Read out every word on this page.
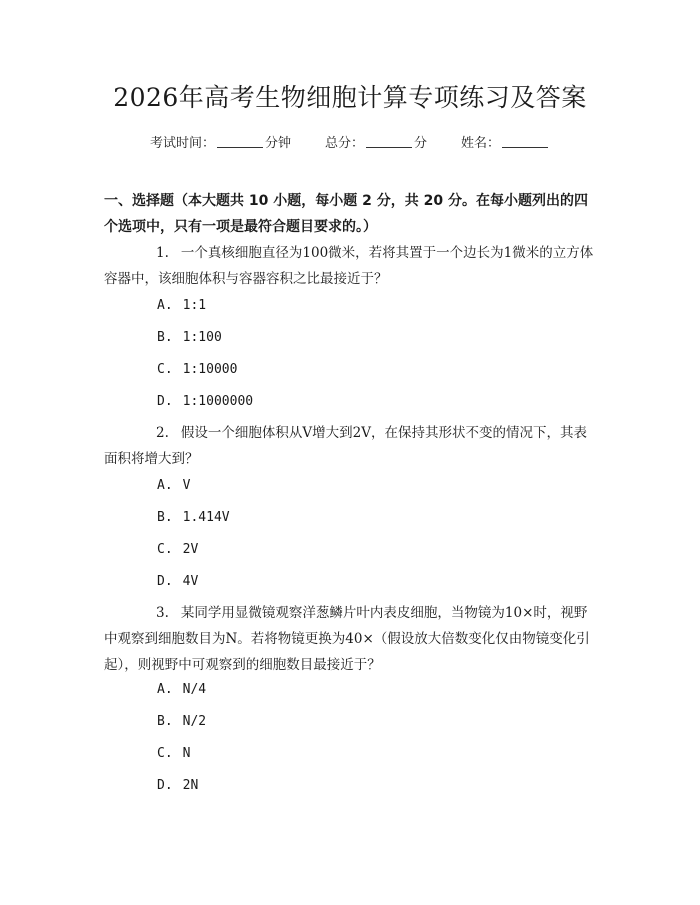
2026年高考生物细胞计算专项练习及答案
考试时间：	分钟	总分：	分	姓名：
一、选择题（本大题共 10 小题，每小题 2 分，共 20 分。在每小题列出的四个选项中，只有一项是最符合题目要求的。）
1. 一个真核细胞直径为100微米，若将其置于一个边长为1微米的立方体容器中，该细胞体积与容器容积之比最接近于？
A. 1:1
B. 1:100
C. 1:10000
D. 1:1000000
2. 假设一个细胞体积从V增大到2V，在保持其形状不变的情况下，其表面积将增大到？
A. V
B. 1.414V
C. 2V
D. 4V
3. 某同学用显微镜观察洋葱鳞片叶内表皮细胞，当物镜为10×时，视野中观察到细胞数目为N。若将物镜更换为40×（假设放大倍数变化仅由物镜变化引起），则视野中可观察到的细胞数目最接近于？
A. N/4
B. N/2
C. N
D. 2N
